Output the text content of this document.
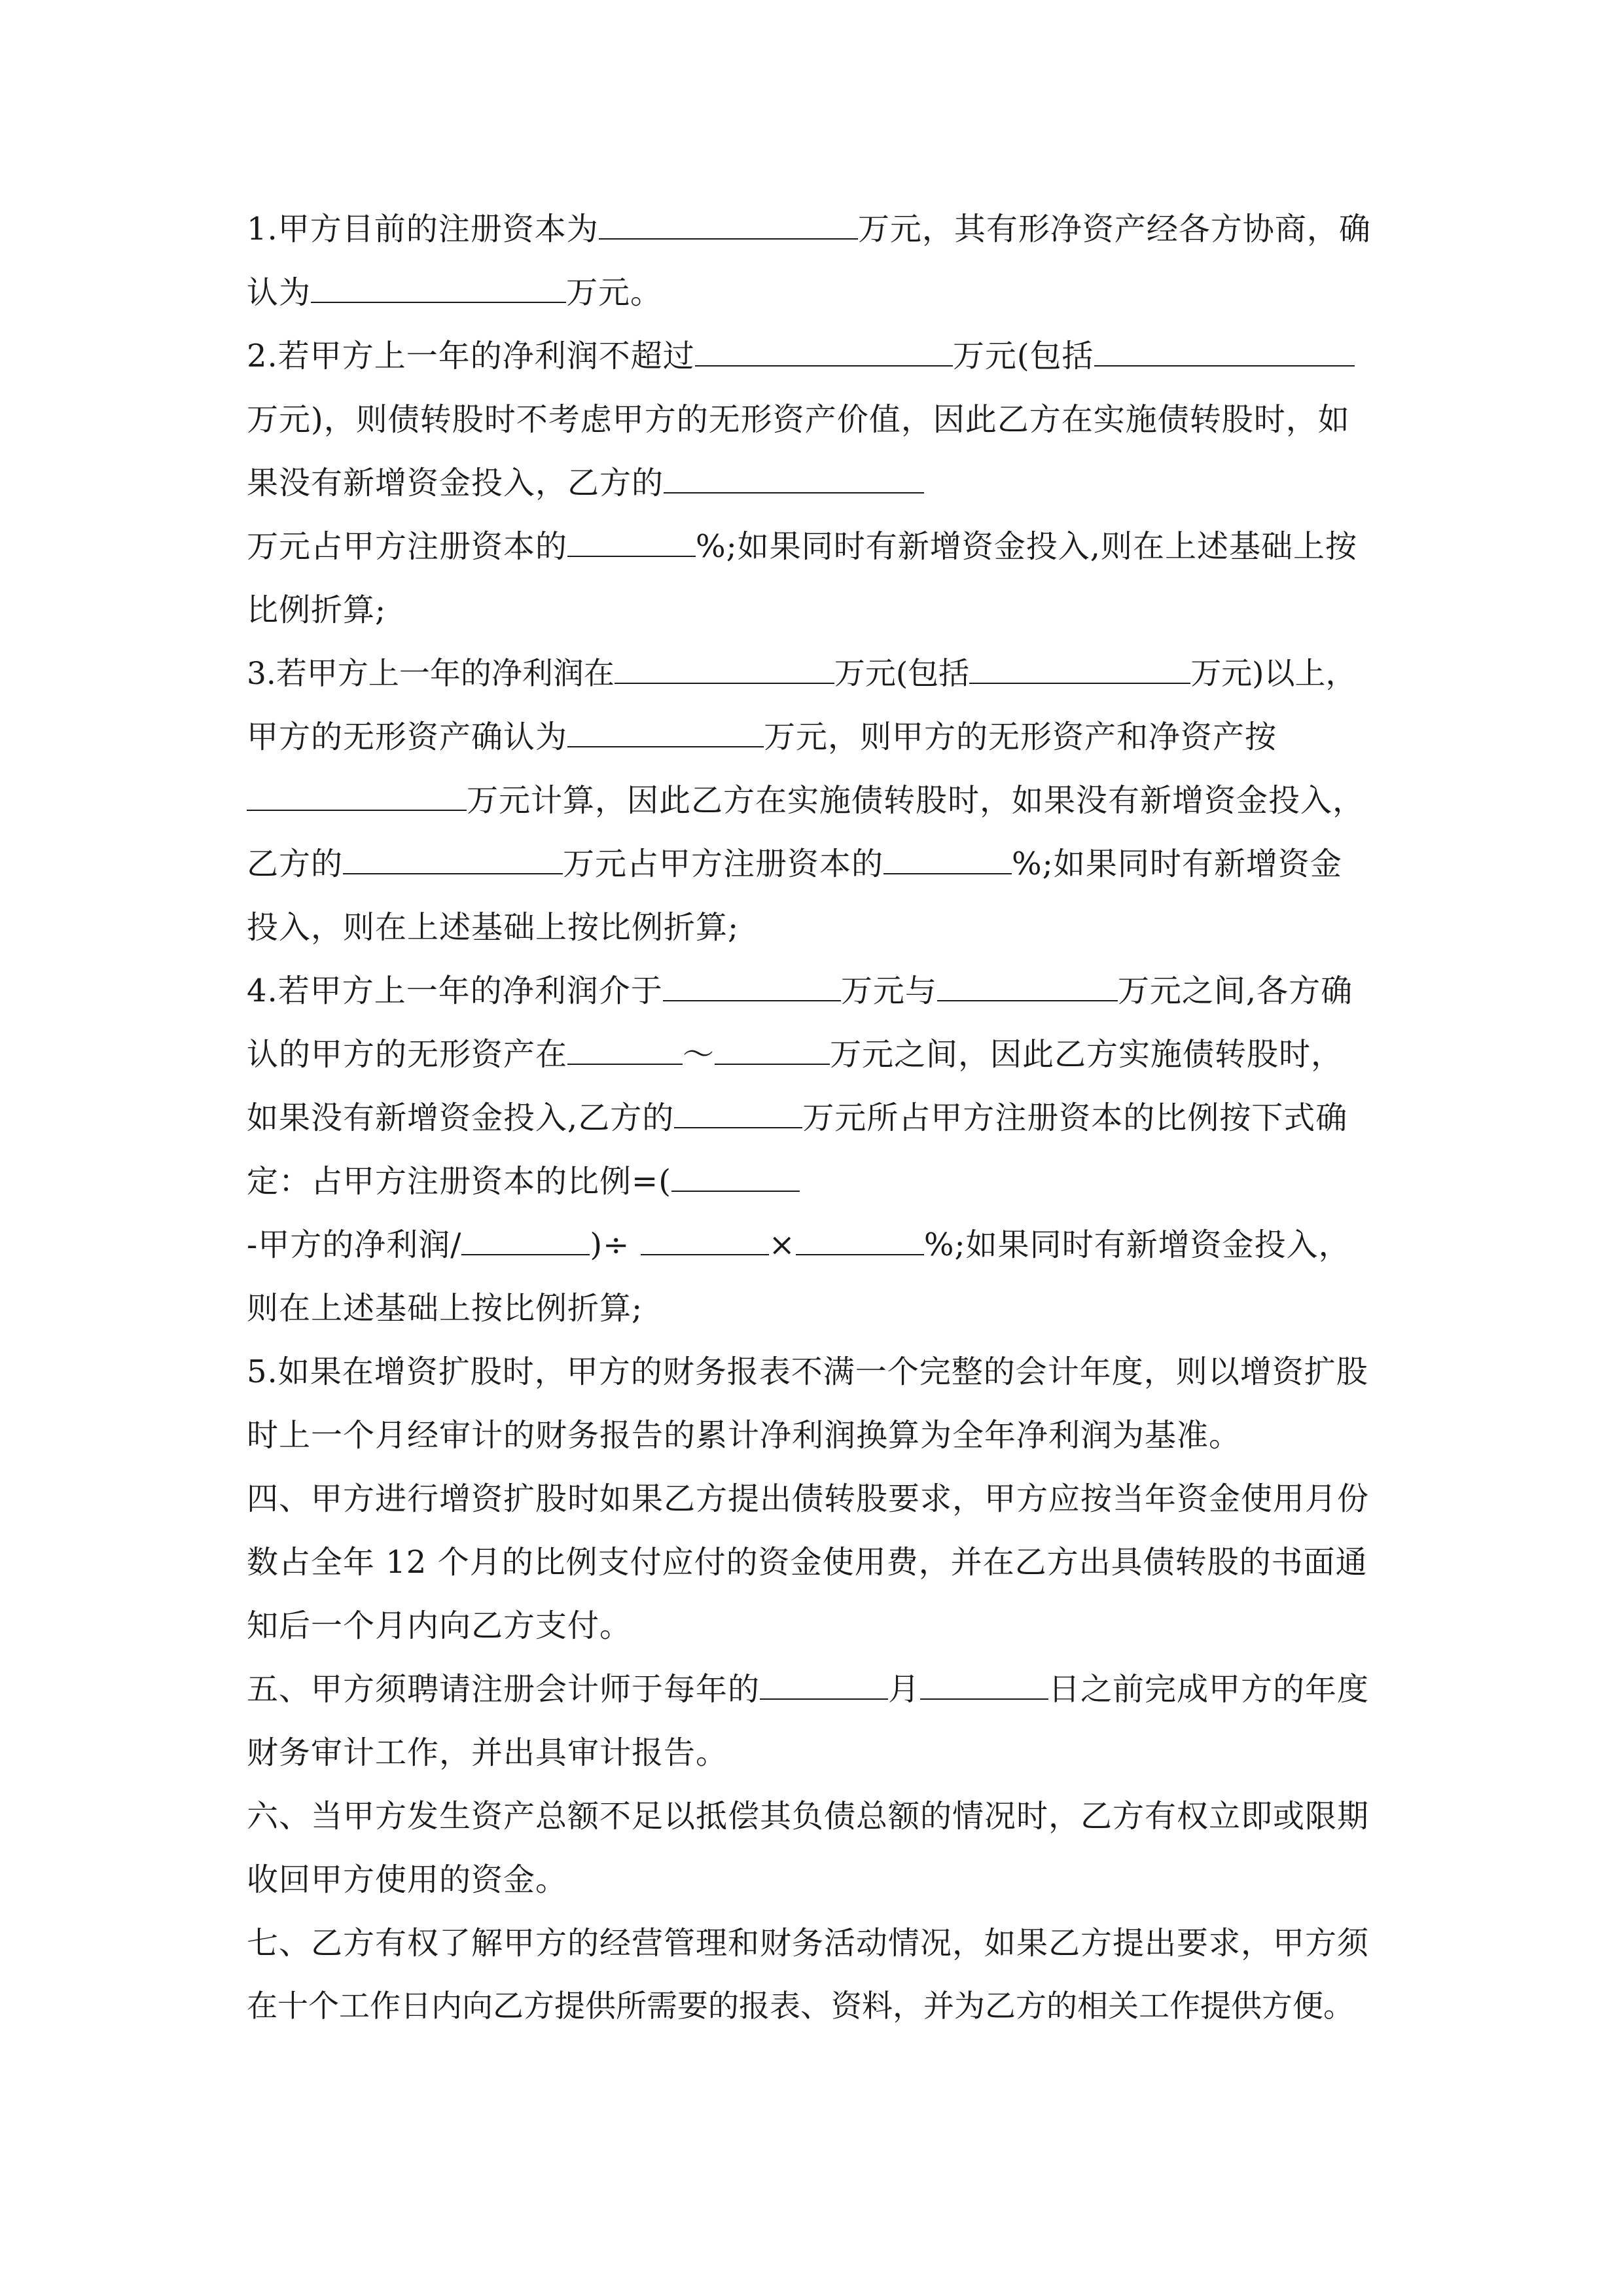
1.甲方目前的注册资本为	万元，其有形净资产经各方协商，确
认为	万元。
2.若甲方上一年的净利润不超过	万元(包括
万元)，则债转股时不考虑甲方的无形资产价值，因此乙方在实施债转股时，如
果没有新增资金投入，乙方的
万元占甲方注册资本的	%;如果同时有新增资金投入,则在上述基础上按
比例折算;
3.若甲方上一年的净利润在	万元(包括	万元)以上，
甲方的无形资产确认为	万元，则甲方的无形资产和净资产按
万元计算，因此乙方在实施债转股时，如果没有新增资金投入，
乙方的	万元占甲方注册资本的	%;如果同时有新增资金
投入，则在上述基础上按比例折算;
4.若甲方上一年的净利润介于	万元与	万元之间,各方确
认的甲方的无形资产在	～	万元之间，因此乙方实施债转股时，
如果没有新增资金投入,乙方的	万元所占甲方注册资本的比例按下式确
定：占甲方注册资本的比例=(
-甲方的净利润/	)÷	×	%;如果同时有新增资金投入，
则在上述基础上按比例折算;
5.如果在增资扩股时，甲方的财务报表不满一个完整的会计年度，则以增资扩股
时上一个月经审计的财务报告的累计净利润换算为全年净利润为基准。
四、甲方进行增资扩股时如果乙方提出债转股要求，甲方应按当年资金使用月份
数占全年 12 个月的比例支付应付的资金使用费，并在乙方出具债转股的书面通
知后一个月内向乙方支付。
五、甲方须聘请注册会计师于每年的	月	日之前完成甲方的年度
财务审计工作，并出具审计报告。
六、当甲方发生资产总额不足以抵偿其负债总额的情况时，乙方有权立即或限期
收回甲方使用的资金。
七、乙方有权了解甲方的经营管理和财务活动情况，如果乙方提出要求，甲方须
在十个工作日内向乙方提供所需要的报表、资料，并为乙方的相关工作提供方便。
